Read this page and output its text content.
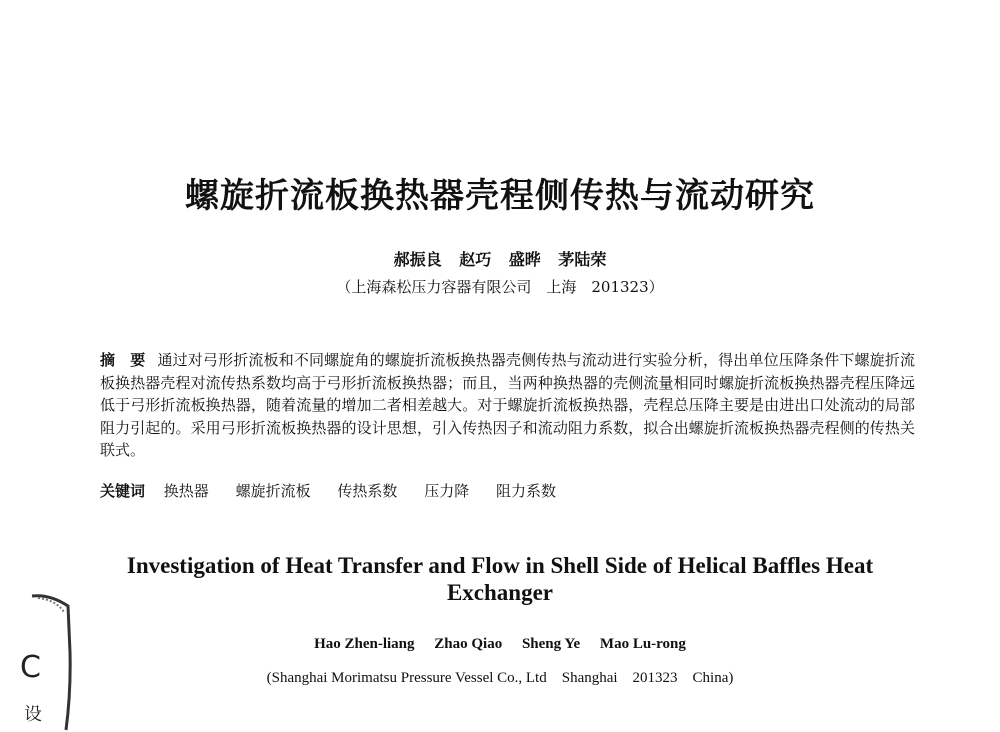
螺旋折流板换热器壳程侧传热与流动研究
郝振良 赵巧 盛晔 茅陆荣
（上海森松压力容器有限公司　上海　201323）
摘　要 通过对弓形折流板和不同螺旋角的螺旋折流板换热器壳侧传热与流动进行实验分析，得出单位压降条件下螺旋折流板换热器壳程对流传热系数均高于弓形折流板换热器；而且，当两种换热器的壳侧流量相同时螺旋折流板换热器壳程压降远低于弓形折流板换热器，随着流量的增加二者相差越大。对于螺旋折流板换热器，壳程总压降主要是由进出口处流动的局部阻力引起的。采用弓形折流板换热器的设计思想，引入传热因子和流动阻力系数，拟合出螺旋折流板换热器壳程侧的传热关联式。
关键词 换热器 螺旋折流板 传热系数 压力降 阻力系数
Investigation of Heat Transfer and Flow in Shell Side of Helical Baffles Heat Exchanger
Hao Zhen-liang Zhao Qiao Sheng Ye Mao Lu-rong
(Shanghai Morimatsu Pressure Vessel Co., Ltd　Shanghai　201323　China)
C
设
